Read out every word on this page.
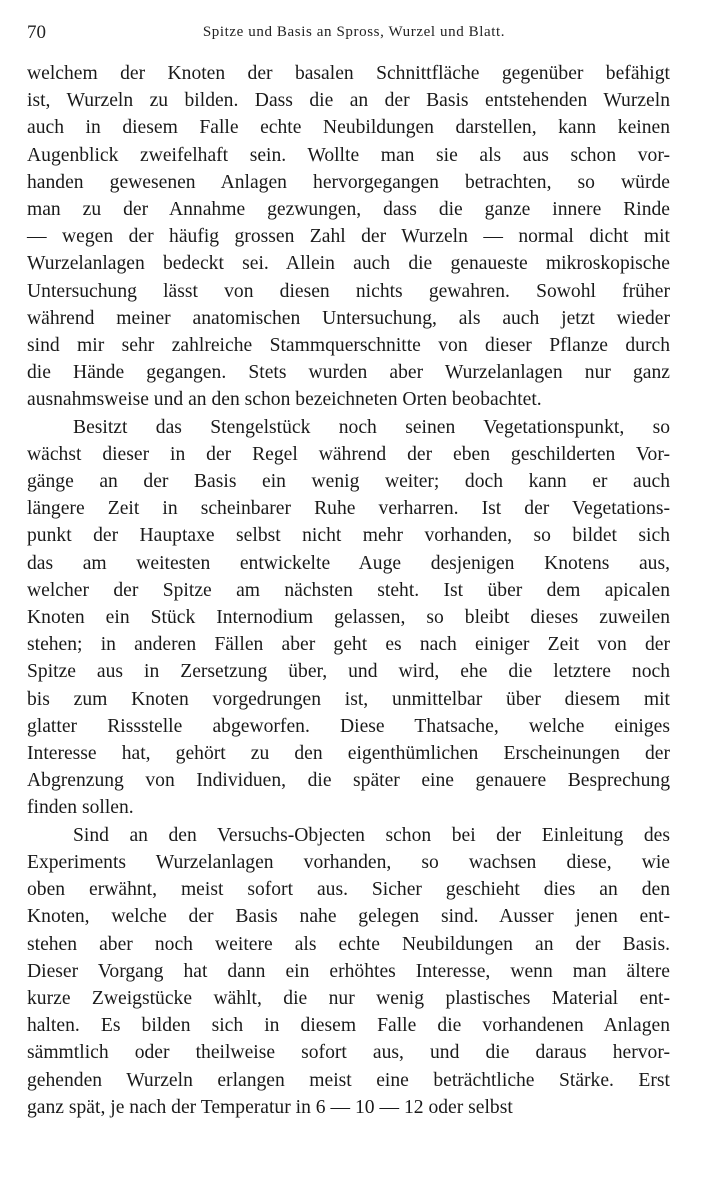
70	Spitze und Basis an Spross, Wurzel und Blatt.
welchem der Knoten der basalen Schnittfläche gegenüber befähigt
ist, Wurzeln zu bilden. Dass die an der Basis entstehenden Wurzeln
auch in diesem Falle echte Neubildungen darstellen, kann keinen
Augenblick zweifelhaft sein. Wollte man sie als aus schon vor-
handen gewesenen Anlagen hervorgegangen betrachten, so würde
man zu der Annahme gezwungen, dass die ganze innere Rinde
— wegen der häufig grossen Zahl der Wurzeln — normal dicht mit
Wurzelanlagen bedeckt sei. Allein auch die genaueste mikroskopische
Untersuchung lässt von diesen nichts gewahren. Sowohl früher
während meiner anatomischen Untersuchung, als auch jetzt wieder
sind mir sehr zahlreiche Stammquerschnitte von dieser Pflanze durch
die Hände gegangen. Stets wurden aber Wurzelanlagen nur ganz
ausnahmsweise und an den schon bezeichneten Orten beobachtet.
Besitzt das Stengelstück noch seinen Vegetationspunkt, so
wächst dieser in der Regel während der eben geschilderten Vor-
gänge an der Basis ein wenig weiter; doch kann er auch
längere Zeit in scheinbarer Ruhe verharren. Ist der Vegetations-
punkt der Hauptaxe selbst nicht mehr vorhanden, so bildet sich
das am weitesten entwickelte Auge desjenigen Knotens aus,
welcher der Spitze am nächsten steht. Ist über dem apicalen
Knoten ein Stück Internodium gelassen, so bleibt dieses zuweilen
stehen; in anderen Fällen aber geht es nach einiger Zeit von der
Spitze aus in Zersetzung über, und wird, ehe die letztere noch
bis zum Knoten vorgedrungen ist, unmittelbar über diesem mit
glatter Rissstelle abgeworfen. Diese Thatsache, welche einiges
Interesse hat, gehört zu den eigenthümlichen Erscheinungen der
Abgrenzung von Individuen, die später eine genauere Besprechung
finden sollen.
Sind an den Versuchs-Objecten schon bei der Einleitung des
Experiments Wurzelanlagen vorhanden, so wachsen diese, wie
oben erwähnt, meist sofort aus. Sicher geschieht dies an den
Knoten, welche der Basis nahe gelegen sind. Ausser jenen ent-
stehen aber noch weitere als echte Neubildungen an der Basis.
Dieser Vorgang hat dann ein erhöhtes Interesse, wenn man ältere
kurze Zweigstücke wählt, die nur wenig plastisches Material ent-
halten. Es bilden sich in diesem Falle die vorhandenen Anlagen
sämmtlich oder theilweise sofort aus, und die daraus hervor-
gehenden Wurzeln erlangen meist eine beträchtliche Stärke. Erst
ganz spät, je nach der Temperatur in 6 — 10 — 12 oder selbst
